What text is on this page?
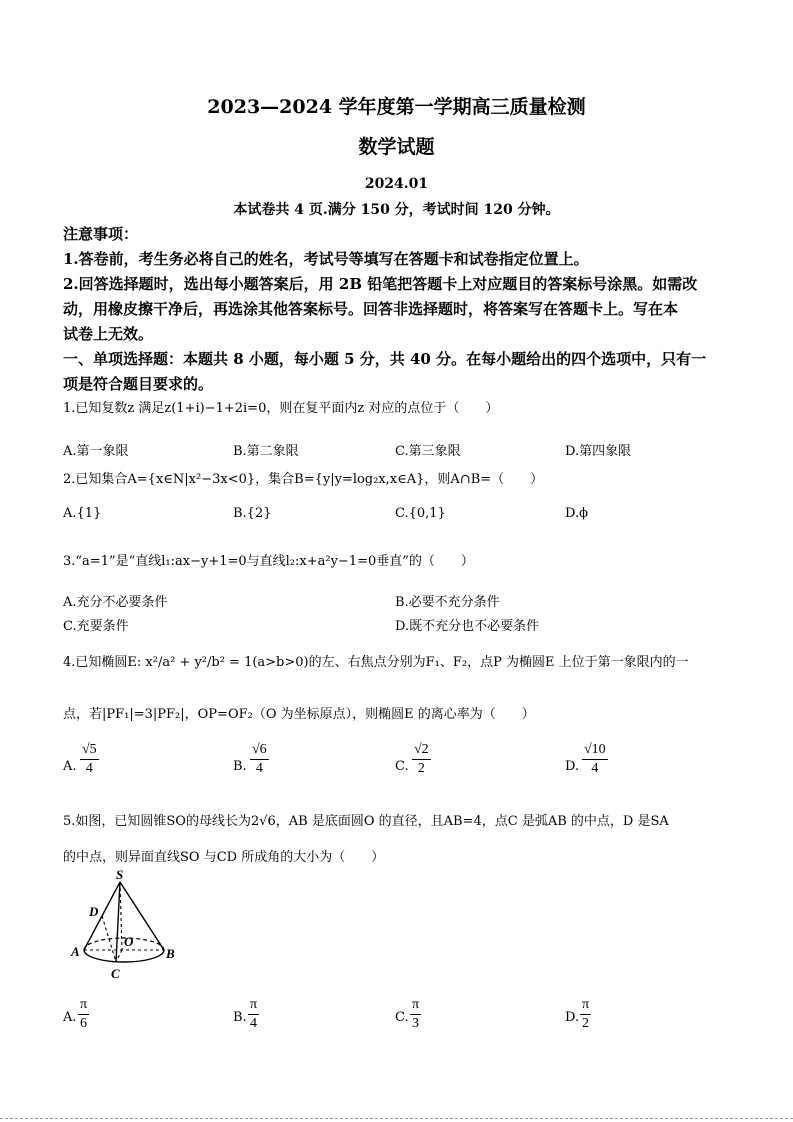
2023—2024 学年度第一学期高三质量检测
数学试题
2024.01
本试卷共 4 页.满分 150 分，考试时间 120 分钟。
注意事项：
1.答卷前，考生务必将自己的姓名，考试号等填写在答题卡和试卷指定位置上。
2.回答选择题时，选出每小题答案后，用 2B 铅笔把答题卡上对应题目的答案标号涂黑。如需改
动，用橡皮擦干净后，再选涂其他答案标号。回答非选择题时，将答案写在答题卡上。写在本
试卷上无效。
一、单项选择题：本题共 8 小题，每小题 5 分，共 40 分。在每小题给出的四个选项中，只有一
项是符合题目要求的。
1.已知复数z 满足z(1+i)−1+2i=0，则在复平面内z 对应的点位于（　　）
A.第一象限	B.第二象限	C.第三象限	D.第四象限
2.已知集合A={x∈N|x²−3x<0}，集合B={y|y=log₂x,x∈A}，则A∩B=（　　）
A.{1}	B.{2}	C.{0,1}	D.ϕ
3.“a=1”是“直线l₁:ax−y+1=0与直线l₂:x+a²y−1=0垂直”的（　　）
A.充分不必要条件	B.必要不充分条件
C.充要条件	D.既不充分也不必要条件
4.已知椭圆E: x²/a² + y²/b² = 1(a>b>0)的左、右焦点分别为F₁、F₂，点P 为椭圆E 上位于第一象限内的一
点，若|PF₁|=3|PF₂|，OP=OF₂（O 为坐标原点），则椭圆E 的离心率为（　　）
A. $\frac{√5}{4}$	B. $\frac{√6}{4}$	C. $\frac{√2}{2}$	D. $\frac{√10}{4}$
5.如图，已知圆锥SO的母线长为2√6，AB 是底面圆O 的直径，且AB=4，点C 是弧AB 的中点，D 是SA
的中点，则异面直线SO 与CD 所成角的大小为（　　）
S
D
O
A	B
C
A. $\frac{\pi}{6}$	B. $\frac{\pi}{4}$	C. $\frac{\pi}{3}$	D. $\frac{\pi}{2}$
